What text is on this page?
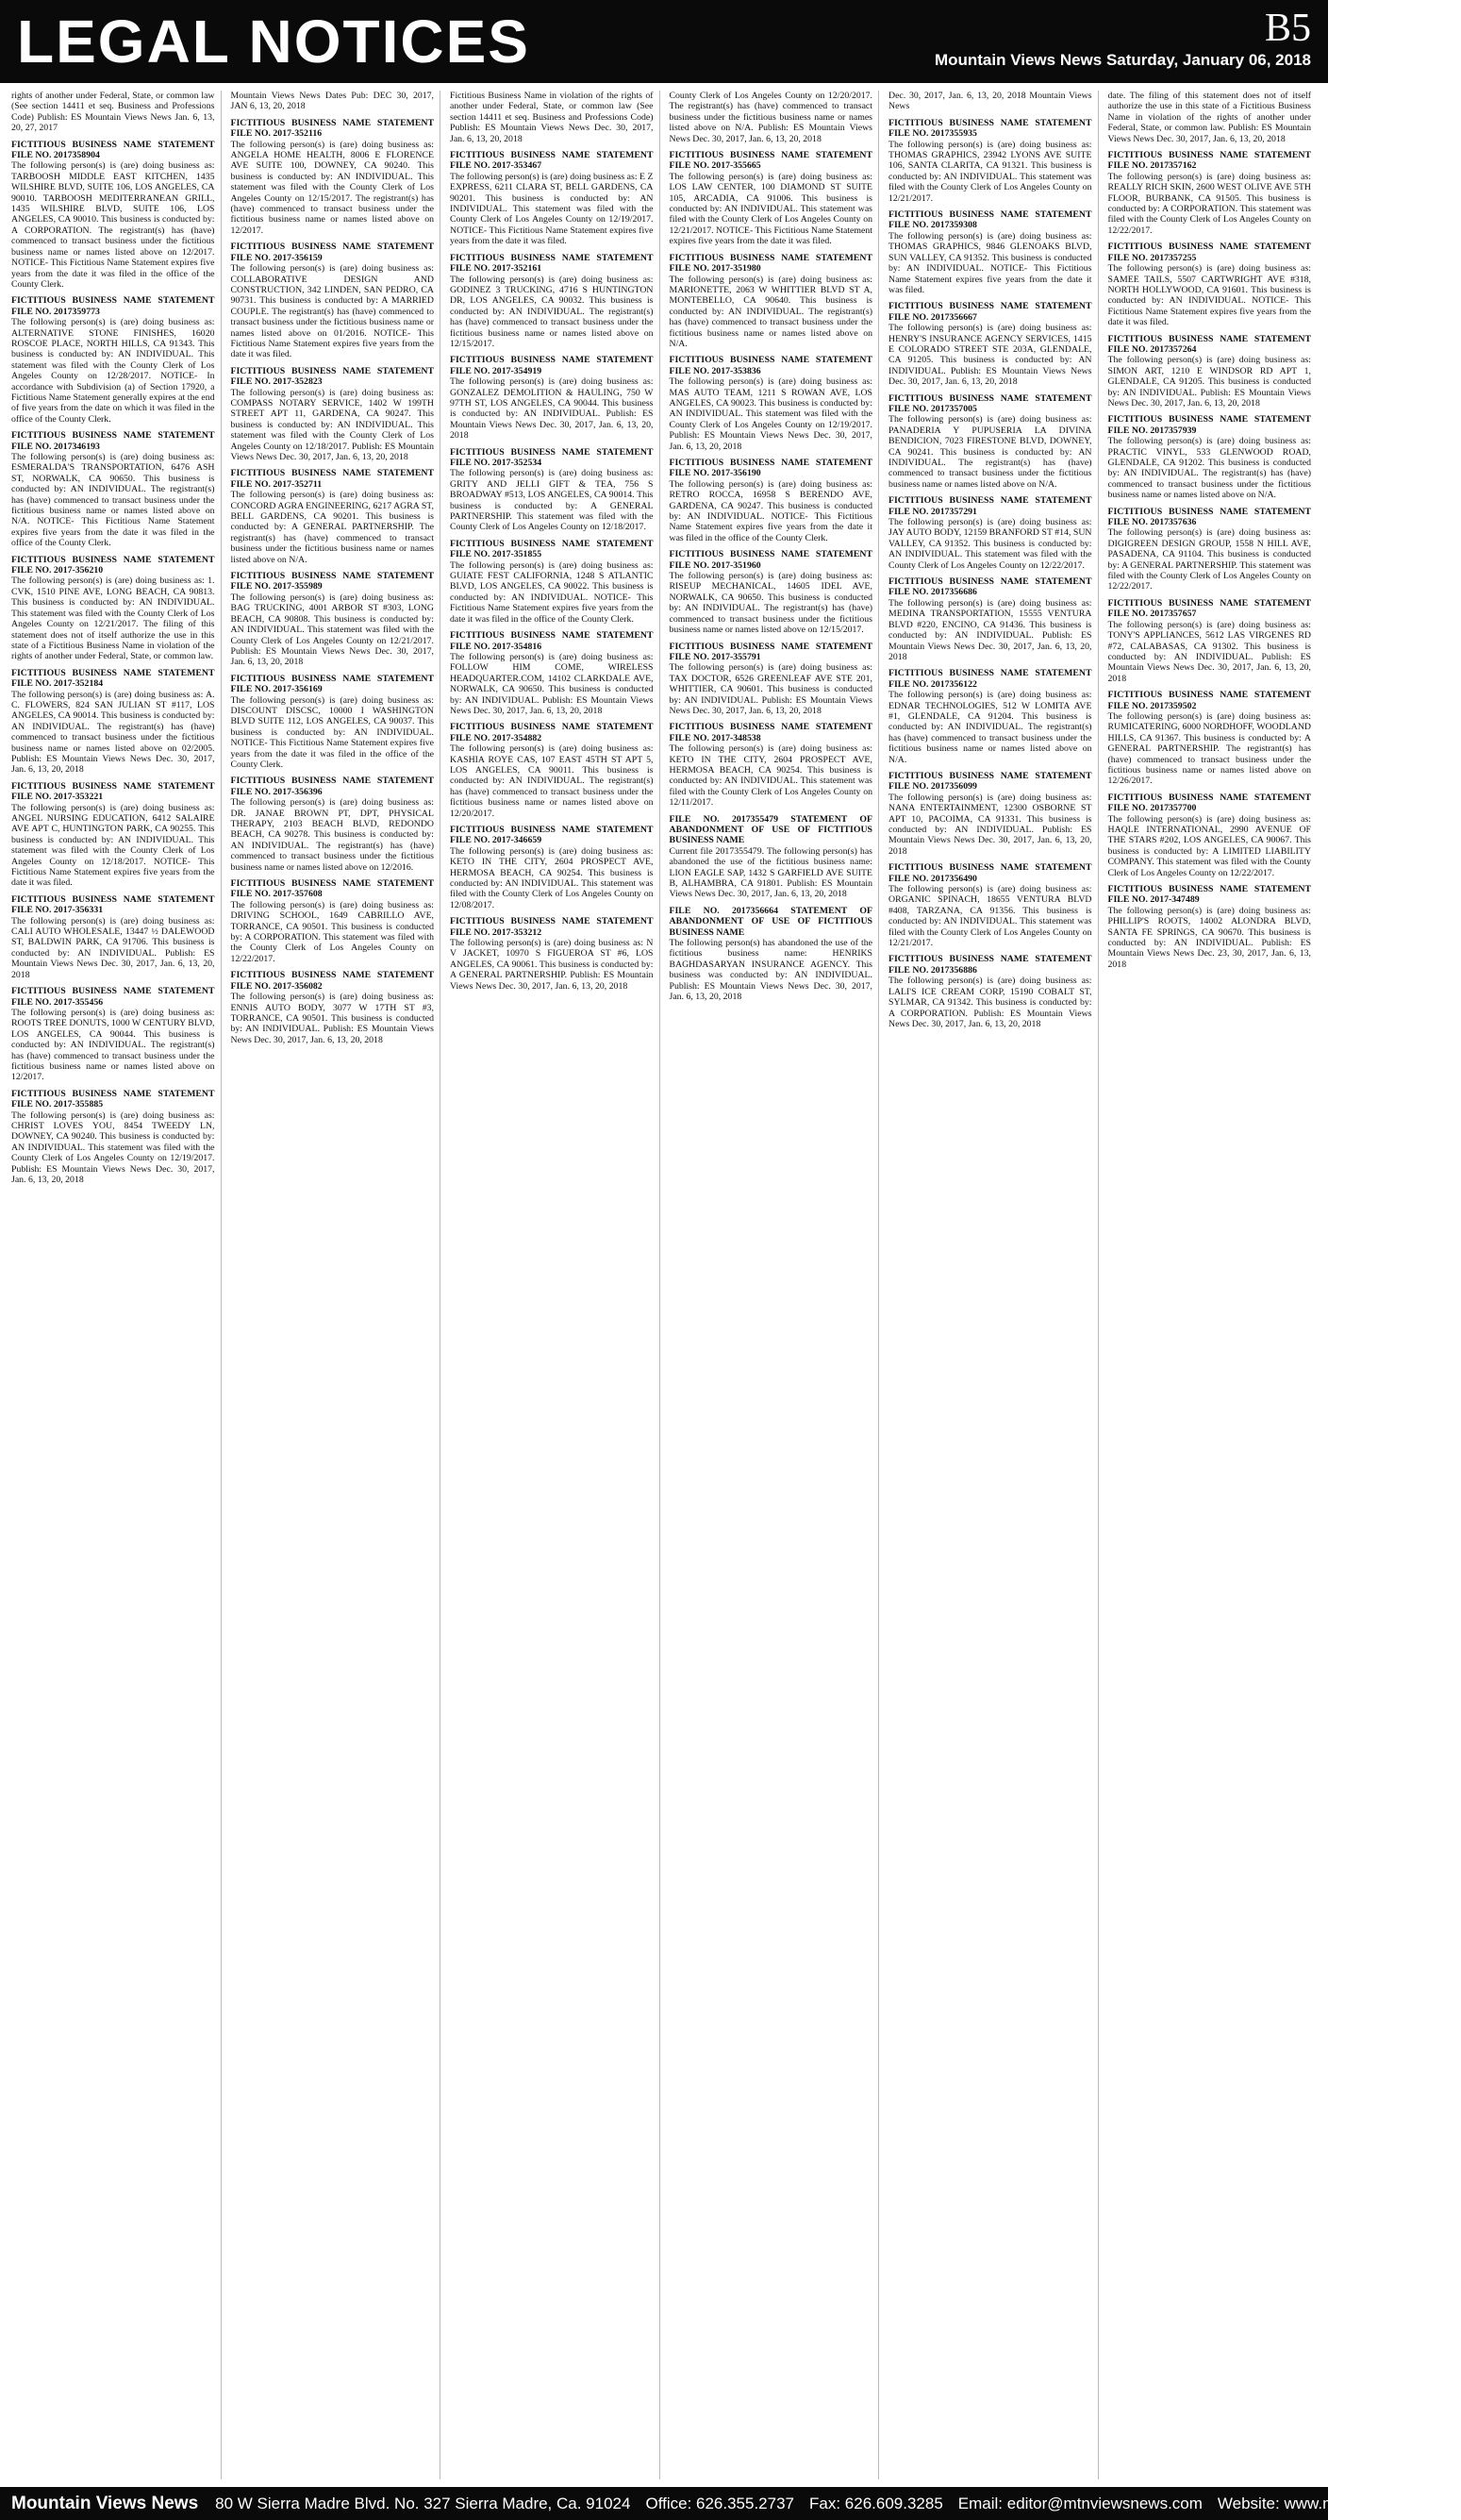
LEGAL NOTICES	B5
Mountain Views News Saturday, January 06, 2018
rights of another under Federal, State, or common law (See section 14411 et seq. Business and Professions Code) Publish: ES Mountain Views News Jan. 6, 13, 20, 27, 2017
FICTITIOUS BUSINESS NAME STATEMENT FILE NO. 2017358904
The following person(s) is (are) doing business as: TARBOOSH MIDDLE EAST KITCHEN, 1435 WILSHIRE BLVD, SUITE 106, LOS ANGELES, CA 90010. TARBOOSH MEDITERRANEAN GRILL, 1435 WILSHIRE BLVD, SUITE 106, LOS ANGELES, CA 90010. This business is conducted by: A CORPORATION. The registrant(s) has (have) commenced to transact business under the fictitious business name or names listed above on 12/2017. NOTICE- This Fictitious Name Statement expires five years from the date it was filed in the office of the County Clerk.
FICTITIOUS BUSINESS NAME STATEMENT FILE NO. 2017359773
The following person(s) is (are) doing business as: ALTERNATIVE STONE FINISHES, 16020 ROSCOE PLACE, NORTH HILLS, CA 91343. This business is conducted by: AN INDIVIDUAL. This statement was filed with the County Clerk of Los Angeles County on 12/28/2017. NOTICE- In accordance with Subdivision (a) of Section 17920, a Fictitious Name Statement generally expires at the end of five years from the date on which it was filed in the office of the County Clerk.
FICTITIOUS BUSINESS NAME STATEMENT FILE NO. 2017346193
The following person(s) is (are) doing business as: ESMERALDA'S TRANSPORTATION, 6476 ASH ST, NORWALK, CA 90650. This business is conducted by: AN INDIVIDUAL. The registrant(s) has (have) commenced to transact business under the fictitious business name or names listed above on N/A. NOTICE- This Fictitious Name Statement expires five years from the date it was filed in the office of the County Clerk.
FICTITIOUS BUSINESS NAME STATEMENT FILE NO. 2017-356210
The following person(s) is (are) doing business as: 1. CVK, 1510 PINE AVE, LONG BEACH, CA 90813. This business is conducted by: AN INDIVIDUAL. This statement was filed with the County Clerk of Los Angeles County on 12/21/2017. The filing of this statement does not of itself authorize the use in this state of a Fictitious Business Name in violation of the rights of another under Federal, State, or common law.
FICTITIOUS BUSINESS NAME STATEMENT FILE NO. 2017-352184
The following person(s) is (are) doing business as: A. C. FLOWERS, 824 SAN JULIAN ST #117, LOS ANGELES, CA 90014. This business is conducted by: AN INDIVIDUAL. The registrant(s) has (have) commenced to transact business under the fictitious business name or names listed above on 02/2005. Publish: ES Mountain Views News Dec. 30, 2017, Jan. 6, 13, 20, 2018
FICTITIOUS BUSINESS NAME STATEMENT FILE NO. 2017-353221
The following person(s) is (are) doing business as: ANGEL NURSING EDUCATION, 6412 SALAIRE AVE APT C, HUNTINGTON PARK, CA 90255. This business is conducted by: AN INDIVIDUAL. This statement was filed with the County Clerk of Los Angeles County on 12/18/2017. NOTICE- This Fictitious Name Statement expires five years from the date it was filed.
FICTITIOUS BUSINESS NAME STATEMENT FILE NO. 2017-356331
The following person(s) is (are) doing business as: CALI AUTO WHOLESALE, 13447 ½ DALEWOOD ST, BALDWIN PARK, CA 91706. This business is conducted by: AN INDIVIDUAL. Publish: ES Mountain Views News Dec. 30, 2017, Jan. 6, 13, 20, 2018
FICTITIOUS BUSINESS NAME STATEMENT FILE NO. 2017-355456
The following person(s) is (are) doing business as: ROOTS TREE DONUTS, 1000 W CENTURY BLVD, LOS ANGELES, CA 90044. This business is conducted by: AN INDIVIDUAL. The registrant(s) has (have) commenced to transact business under the fictitious business name or names listed above on 12/2017.
FICTITIOUS BUSINESS NAME STATEMENT FILE NO. 2017-355885
The following person(s) is (are) doing business as: CHRIST LOVES YOU, 8454 TWEEDY LN, DOWNEY, CA 90240. This business is conducted by: AN INDIVIDUAL. This statement was filed with the County Clerk of Los Angeles County on 12/19/2017. Publish: ES Mountain Views News Dec. 30, 2017, Jan. 6, 13, 20, 2018
Mountain Views News Dates Pub: DEC 30, 2017, JAN 6, 13, 20, 2018
FICTITIOUS BUSINESS NAME STATEMENT FILE NO. 2017-352116
The following person(s) is (are) doing business as: ANGELA HOME HEALTH, 8006 E FLORENCE AVE SUITE 100, DOWNEY, CA 90240. This business is conducted by: AN INDIVIDUAL. This statement was filed with the County Clerk of Los Angeles County on 12/15/2017. The registrant(s) has (have) commenced to transact business under the fictitious business name or names listed above on 12/2017.
FICTITIOUS BUSINESS NAME STATEMENT FILE NO. 2017-356159
The following person(s) is (are) doing business as: COLLABORATIVE DESIGN AND CONSTRUCTION, 342 LINDEN, SAN PEDRO, CA 90731. This business is conducted by: A MARRIED COUPLE. The registrant(s) has (have) commenced to transact business under the fictitious business name or names listed above on 01/2016. NOTICE- This Fictitious Name Statement expires five years from the date it was filed.
FICTITIOUS BUSINESS NAME STATEMENT FILE NO. 2017-352823
The following person(s) is (are) doing business as: COMPASS NOTARY SERVICE, 1402 W 199TH STREET APT 11, GARDENA, CA 90247. This business is conducted by: AN INDIVIDUAL. This statement was filed with the County Clerk of Los Angeles County on 12/18/2017. Publish: ES Mountain Views News Dec. 30, 2017, Jan. 6, 13, 20, 2018
FICTITIOUS BUSINESS NAME STATEMENT FILE NO. 2017-352711
The following person(s) is (are) doing business as: CONCORD AGRA ENGINEERING, 6217 AGRA ST, BELL GARDENS, CA 90201. This business is conducted by: A GENERAL PARTNERSHIP. The registrant(s) has (have) commenced to transact business under the fictitious business name or names listed above on N/A.
FICTITIOUS BUSINESS NAME STATEMENT FILE NO. 2017-355989
The following person(s) is (are) doing business as: BAG TRUCKING, 4001 ARBOR ST #303, LONG BEACH, CA 90808. This business is conducted by: AN INDIVIDUAL. This statement was filed with the County Clerk of Los Angeles County on 12/21/2017. Publish: ES Mountain Views News Dec. 30, 2017, Jan. 6, 13, 20, 2018
FICTITIOUS BUSINESS NAME STATEMENT FILE NO. 2017-356169
The following person(s) is (are) doing business as: DISCOUNT DISCSC, 10000 I WASHINGTON BLVD SUITE 112, LOS ANGELES, CA 90037. This business is conducted by: AN INDIVIDUAL. NOTICE- This Fictitious Name Statement expires five years from the date it was filed in the office of the County Clerk.
FICTITIOUS BUSINESS NAME STATEMENT FILE NO. 2017-356396
The following person(s) is (are) doing business as: DR. JANAE BROWN PT, DPT, PHYSICAL THERAPY, 2103 BEACH BLVD, REDONDO BEACH, CA 90278. This business is conducted by: AN INDIVIDUAL. The registrant(s) has (have) commenced to transact business under the fictitious business name or names listed above on 12/2016.
FICTITIOUS BUSINESS NAME STATEMENT FILE NO. 2017-357608
The following person(s) is (are) doing business as: DRIVING SCHOOL, 1649 CABRILLO AVE, TORRANCE, CA 90501. This business is conducted by: A CORPORATION. This statement was filed with the County Clerk of Los Angeles County on 12/22/2017.
FICTITIOUS BUSINESS NAME STATEMENT FILE NO. 2017-356082
The following person(s) is (are) doing business as: ENNIS AUTO BODY, 3077 W 17TH ST #3, TORRANCE, CA 90501. This business is conducted by: AN INDIVIDUAL. Publish: ES Mountain Views News Dec. 30, 2017, Jan. 6, 13, 20, 2018
Fictitious Business Name in violation of the rights of another under Federal, State, or common law (See section 14411 et seq. Business and Professions Code) Publish: ES Mountain Views News Dec. 30, 2017, Jan. 6, 13, 20, 2018
FICTITIOUS BUSINESS NAME STATEMENT FILE NO. 2017-353467
The following person(s) is (are) doing business as: E Z EXPRESS, 6211 CLARA ST, BELL GARDENS, CA 90201. This business is conducted by: AN INDIVIDUAL. This statement was filed with the County Clerk of Los Angeles County on 12/19/2017. NOTICE- This Fictitious Name Statement expires five years from the date it was filed.
FICTITIOUS BUSINESS NAME STATEMENT FILE NO. 2017-352161
The following person(s) is (are) doing business as: GODINEZ 3 TRUCKING, 4716 S HUNTINGTON DR, LOS ANGELES, CA 90032. This business is conducted by: AN INDIVIDUAL. The registrant(s) has (have) commenced to transact business under the fictitious business name or names listed above on 12/15/2017.
FICTITIOUS BUSINESS NAME STATEMENT FILE NO. 2017-354919
The following person(s) is (are) doing business as: GONZALEZ DEMOLITION & HAULING, 750 W 97TH ST, LOS ANGELES, CA 90044. This business is conducted by: AN INDIVIDUAL. Publish: ES Mountain Views News Dec. 30, 2017, Jan. 6, 13, 20, 2018
FICTITIOUS BUSINESS NAME STATEMENT FILE NO. 2017-352534
The following person(s) is (are) doing business as: GRITY AND JELLI GIFT & TEA, 756 S BROADWAY #513, LOS ANGELES, CA 90014. This business is conducted by: A GENERAL PARTNERSHIP. This statement was filed with the County Clerk of Los Angeles County on 12/18/2017.
FICTITIOUS BUSINESS NAME STATEMENT FILE NO. 2017-351855
The following person(s) is (are) doing business as: GUIATE FEST CALIFORNIA, 1248 S ATLANTIC BLVD, LOS ANGELES, CA 90022. This business is conducted by: AN INDIVIDUAL. NOTICE- This Fictitious Name Statement expires five years from the date it was filed in the office of the County Clerk.
FICTITIOUS BUSINESS NAME STATEMENT FILE NO. 2017-354816
The following person(s) is (are) doing business as: FOLLOW HIM COME, WIRELESS HEADQUARTER.COM, 14102 CLARKDALE AVE, NORWALK, CA 90650. This business is conducted by: AN INDIVIDUAL. Publish: ES Mountain Views News Dec. 30, 2017, Jan. 6, 13, 20, 2018
FICTITIOUS BUSINESS NAME STATEMENT FILE NO. 2017-354882
The following person(s) is (are) doing business as: KASHIA ROYE CAS, 107 EAST 45TH ST APT 5, LOS ANGELES, CA 90011. This business is conducted by: AN INDIVIDUAL. The registrant(s) has (have) commenced to transact business under the fictitious business name or names listed above on 12/20/2017.
FICTITIOUS BUSINESS NAME STATEMENT FILE NO. 2017-346659
The following person(s) is (are) doing business as: KETO IN THE CITY, 2604 PROSPECT AVE, HERMOSA BEACH, CA 90254. This business is conducted by: AN INDIVIDUAL. This statement was filed with the County Clerk of Los Angeles County on 12/08/2017.
FICTITIOUS BUSINESS NAME STATEMENT FILE NO. 2017-353212
The following person(s) is (are) doing business as: N V JACKET, 10970 S FIGUEROA ST #6, LOS ANGELES, CA 90061. This business is conducted by: A GENERAL PARTNERSHIP. Publish: ES Mountain Views News Dec. 30, 2017, Jan. 6, 13, 20, 2018
County Clerk of Los Angeles County on 12/20/2017. The registrant(s) has (have) commenced to transact business under the fictitious business name or names listed above on N/A. Publish: ES Mountain Views News Dec. 30, 2017, Jan. 6, 13, 20, 2018
FICTITIOUS BUSINESS NAME STATEMENT FILE NO. 2017-355665
The following person(s) is (are) doing business as: LOS LAW CENTER, 100 DIAMOND ST SUITE 105, ARCADIA, CA 91006. This business is conducted by: AN INDIVIDUAL. This statement was filed with the County Clerk of Los Angeles County on 12/21/2017. NOTICE- This Fictitious Name Statement expires five years from the date it was filed.
FICTITIOUS BUSINESS NAME STATEMENT FILE NO. 2017-351980
The following person(s) is (are) doing business as: MARIONETTE, 2063 W WHITTIER BLVD ST A, MONTEBELLO, CA 90640. This business is conducted by: AN INDIVIDUAL. The registrant(s) has (have) commenced to transact business under the fictitious business name or names listed above on N/A.
FICTITIOUS BUSINESS NAME STATEMENT FILE NO. 2017-353836
The following person(s) is (are) doing business as: MAS AUTO TEAM, 1211 S ROWAN AVE, LOS ANGELES, CA 90023. This business is conducted by: AN INDIVIDUAL. This statement was filed with the County Clerk of Los Angeles County on 12/19/2017. Publish: ES Mountain Views News Dec. 30, 2017, Jan. 6, 13, 20, 2018
FICTITIOUS BUSINESS NAME STATEMENT FILE NO. 2017-356190
The following person(s) is (are) doing business as: RETRO ROCCA, 16958 S BERENDO AVE, GARDENA, CA 90247. This business is conducted by: AN INDIVIDUAL. NOTICE- This Fictitious Name Statement expires five years from the date it was filed in the office of the County Clerk.
FICTITIOUS BUSINESS NAME STATEMENT FILE NO. 2017-351960
The following person(s) is (are) doing business as: RISEUP MECHANICAL, 14605 IDEL AVE, NORWALK, CA 90650. This business is conducted by: AN INDIVIDUAL. The registrant(s) has (have) commenced to transact business under the fictitious business name or names listed above on 12/15/2017.
FICTITIOUS BUSINESS NAME STATEMENT FILE NO. 2017-355791
The following person(s) is (are) doing business as: TAX DOCTOR, 6526 GREENLEAF AVE STE 201, WHITTIER, CA 90601. This business is conducted by: AN INDIVIDUAL. Publish: ES Mountain Views News Dec. 30, 2017, Jan. 6, 13, 20, 2018
FICTITIOUS BUSINESS NAME STATEMENT FILE NO. 2017-348538
The following person(s) is (are) doing business as: KETO IN THE CITY, 2604 PROSPECT AVE, HERMOSA BEACH, CA 90254. This business is conducted by: AN INDIVIDUAL. This statement was filed with the County Clerk of Los Angeles County on 12/11/2017.
FILE NO. 2017355479 STATEMENT OF ABANDONMENT OF USE OF FICTITIOUS BUSINESS NAME
Current file 2017355479. The following person(s) has abandoned the use of the fictitious business name: LION EAGLE SAP, 1432 S GARFIELD AVE SUITE B, ALHAMBRA, CA 91801. Publish: ES Mountain Views News Dec. 30, 2017, Jan. 6, 13, 20, 2018
FILE NO. 2017356664 STATEMENT OF ABANDONMENT OF USE OF FICTITIOUS BUSINESS NAME
The following person(s) has abandoned the use of the fictitious business name: HENRIKS BAGHDASARYAN INSURANCE AGENCY. This business was conducted by: AN INDIVIDUAL. Publish: ES Mountain Views News Dec. 30, 2017, Jan. 6, 13, 20, 2018
Dec. 30, 2017, Jan. 6, 13, 20, 2018 Mountain Views News
FICTITIOUS BUSINESS NAME STATEMENT FILE NO. 2017355935
The following person(s) is (are) doing business as: THOMAS GRAPHICS, 23942 LYONS AVE SUITE 106, SANTA CLARITA, CA 91321. This business is conducted by: AN INDIVIDUAL. This statement was filed with the County Clerk of Los Angeles County on 12/21/2017.
FICTITIOUS BUSINESS NAME STATEMENT FILE NO. 2017359308
The following person(s) is (are) doing business as: THOMAS GRAPHICS, 9846 GLENOAKS BLVD, SUN VALLEY, CA 91352. This business is conducted by: AN INDIVIDUAL. NOTICE- This Fictitious Name Statement expires five years from the date it was filed.
FICTITIOUS BUSINESS NAME STATEMENT FILE NO. 2017356667
The following person(s) is (are) doing business as: HENRY'S INSURANCE AGENCY SERVICES, 1415 E COLORADO STREET STE 203A, GLENDALE, CA 91205. This business is conducted by: AN INDIVIDUAL. Publish: ES Mountain Views News Dec. 30, 2017, Jan. 6, 13, 20, 2018
FICTITIOUS BUSINESS NAME STATEMENT FILE NO. 2017357005
The following person(s) is (are) doing business as: PANADERIA Y PUPUSERIA LA DIVINA BENDICION, 7023 FIRESTONE BLVD, DOWNEY, CA 90241. This business is conducted by: AN INDIVIDUAL. The registrant(s) has (have) commenced to transact business under the fictitious business name or names listed above on N/A.
FICTITIOUS BUSINESS NAME STATEMENT FILE NO. 2017357291
The following person(s) is (are) doing business as: JAY AUTO BODY, 12159 BRANFORD ST #14, SUN VALLEY, CA 91352. This business is conducted by: AN INDIVIDUAL. This statement was filed with the County Clerk of Los Angeles County on 12/22/2017.
FICTITIOUS BUSINESS NAME STATEMENT FILE NO. 2017356686
The following person(s) is (are) doing business as: MEDINA TRANSPORTATION, 15555 VENTURA BLVD #220, ENCINO, CA 91436. This business is conducted by: AN INDIVIDUAL. Publish: ES Mountain Views News Dec. 30, 2017, Jan. 6, 13, 20, 2018
FICTITIOUS BUSINESS NAME STATEMENT FILE NO. 2017356122
The following person(s) is (are) doing business as: EDNAR TECHNOLOGIES, 512 W LOMITA AVE #1, GLENDALE, CA 91204. This business is conducted by: AN INDIVIDUAL. The registrant(s) has (have) commenced to transact business under the fictitious business name or names listed above on N/A.
FICTITIOUS BUSINESS NAME STATEMENT FILE NO. 2017356099
The following person(s) is (are) doing business as: NANA ENTERTAINMENT, 12300 OSBORNE ST APT 10, PACOIMA, CA 91331. This business is conducted by: AN INDIVIDUAL. Publish: ES Mountain Views News Dec. 30, 2017, Jan. 6, 13, 20, 2018
FICTITIOUS BUSINESS NAME STATEMENT FILE NO. 2017356490
The following person(s) is (are) doing business as: ORGANIC SPINACH, 18655 VENTURA BLVD #408, TARZANA, CA 91356. This business is conducted by: AN INDIVIDUAL. This statement was filed with the County Clerk of Los Angeles County on 12/21/2017.
FICTITIOUS BUSINESS NAME STATEMENT FILE NO. 2017356886
The following person(s) is (are) doing business as: LALI'S ICE CREAM CORP, 15190 COBALT ST, SYLMAR, CA 91342. This business is conducted by: A CORPORATION. Publish: ES Mountain Views News Dec. 30, 2017, Jan. 6, 13, 20, 2018
date. The filing of this statement does not of itself authorize the use in this state of a Fictitious Business Name in violation of the rights of another under Federal, State, or common law. Publish: ES Mountain Views News Dec. 30, 2017, Jan. 6, 13, 20, 2018
FICTITIOUS BUSINESS NAME STATEMENT FILE NO. 2017357162
The following person(s) is (are) doing business as: REALLY RICH SKIN, 2600 WEST OLIVE AVE 5TH FLOOR, BURBANK, CA 91505. This business is conducted by: A CORPORATION. This statement was filed with the County Clerk of Los Angeles County on 12/22/2017.
FICTITIOUS BUSINESS NAME STATEMENT FILE NO. 2017357255
The following person(s) is (are) doing business as: SAMEE TAILS, 5507 CARTWRIGHT AVE #318, NORTH HOLLYWOOD, CA 91601. This business is conducted by: AN INDIVIDUAL. NOTICE- This Fictitious Name Statement expires five years from the date it was filed.
FICTITIOUS BUSINESS NAME STATEMENT FILE NO. 2017357264
The following person(s) is (are) doing business as: SIMON ART, 1210 E WINDSOR RD APT 1, GLENDALE, CA 91205. This business is conducted by: AN INDIVIDUAL. Publish: ES Mountain Views News Dec. 30, 2017, Jan. 6, 13, 20, 2018
FICTITIOUS BUSINESS NAME STATEMENT FILE NO. 2017357939
The following person(s) is (are) doing business as: PRACTIC VINYL, 533 GLENWOOD ROAD, GLENDALE, CA 91202. This business is conducted by: AN INDIVIDUAL. The registrant(s) has (have) commenced to transact business under the fictitious business name or names listed above on N/A.
FICTITIOUS BUSINESS NAME STATEMENT FILE NO. 2017357636
The following person(s) is (are) doing business as: DIGIGREEN DESIGN GROUP, 1558 N HILL AVE, PASADENA, CA 91104. This business is conducted by: A GENERAL PARTNERSHIP. This statement was filed with the County Clerk of Los Angeles County on 12/22/2017.
FICTITIOUS BUSINESS NAME STATEMENT FILE NO. 2017357657
The following person(s) is (are) doing business as: TONY'S APPLIANCES, 5612 LAS VIRGENES RD #72, CALABASAS, CA 91302. This business is conducted by: AN INDIVIDUAL. Publish: ES Mountain Views News Dec. 30, 2017, Jan. 6, 13, 20, 2018
FICTITIOUS BUSINESS NAME STATEMENT FILE NO. 2017359502
The following person(s) is (are) doing business as: RUMICATERING, 6000 NORDHOFF, WOODLAND HILLS, CA 91367. This business is conducted by: A GENERAL PARTNERSHIP. The registrant(s) has (have) commenced to transact business under the fictitious business name or names listed above on 12/26/2017.
FICTITIOUS BUSINESS NAME STATEMENT FILE NO. 2017357700
The following person(s) is (are) doing business as: HAQLE INTERNATIONAL, 2990 AVENUE OF THE STARS #202, LOS ANGELES, CA 90067. This business is conducted by: A LIMITED LIABILITY COMPANY. This statement was filed with the County Clerk of Los Angeles County on 12/22/2017.
FICTITIOUS BUSINESS NAME STATEMENT FILE NO. 2017-347489
The following person(s) is (are) doing business as: PHILLIP'S ROOTS, 14002 ALONDRA BLVD, SANTA FE SPRINGS, CA 90670. This business is conducted by: AN INDIVIDUAL. Publish: ES Mountain Views News Dec. 23, 30, 2017, Jan. 6, 13, 2018
Mountain Views News 80 W Sierra Madre Blvd. No. 327 Sierra Madre, Ca. 91024 Office: 626.355.2737 Fax: 626.609.3285 Email: editor@mtnviewsnews.com Website: www.mtnviewsnews.com
